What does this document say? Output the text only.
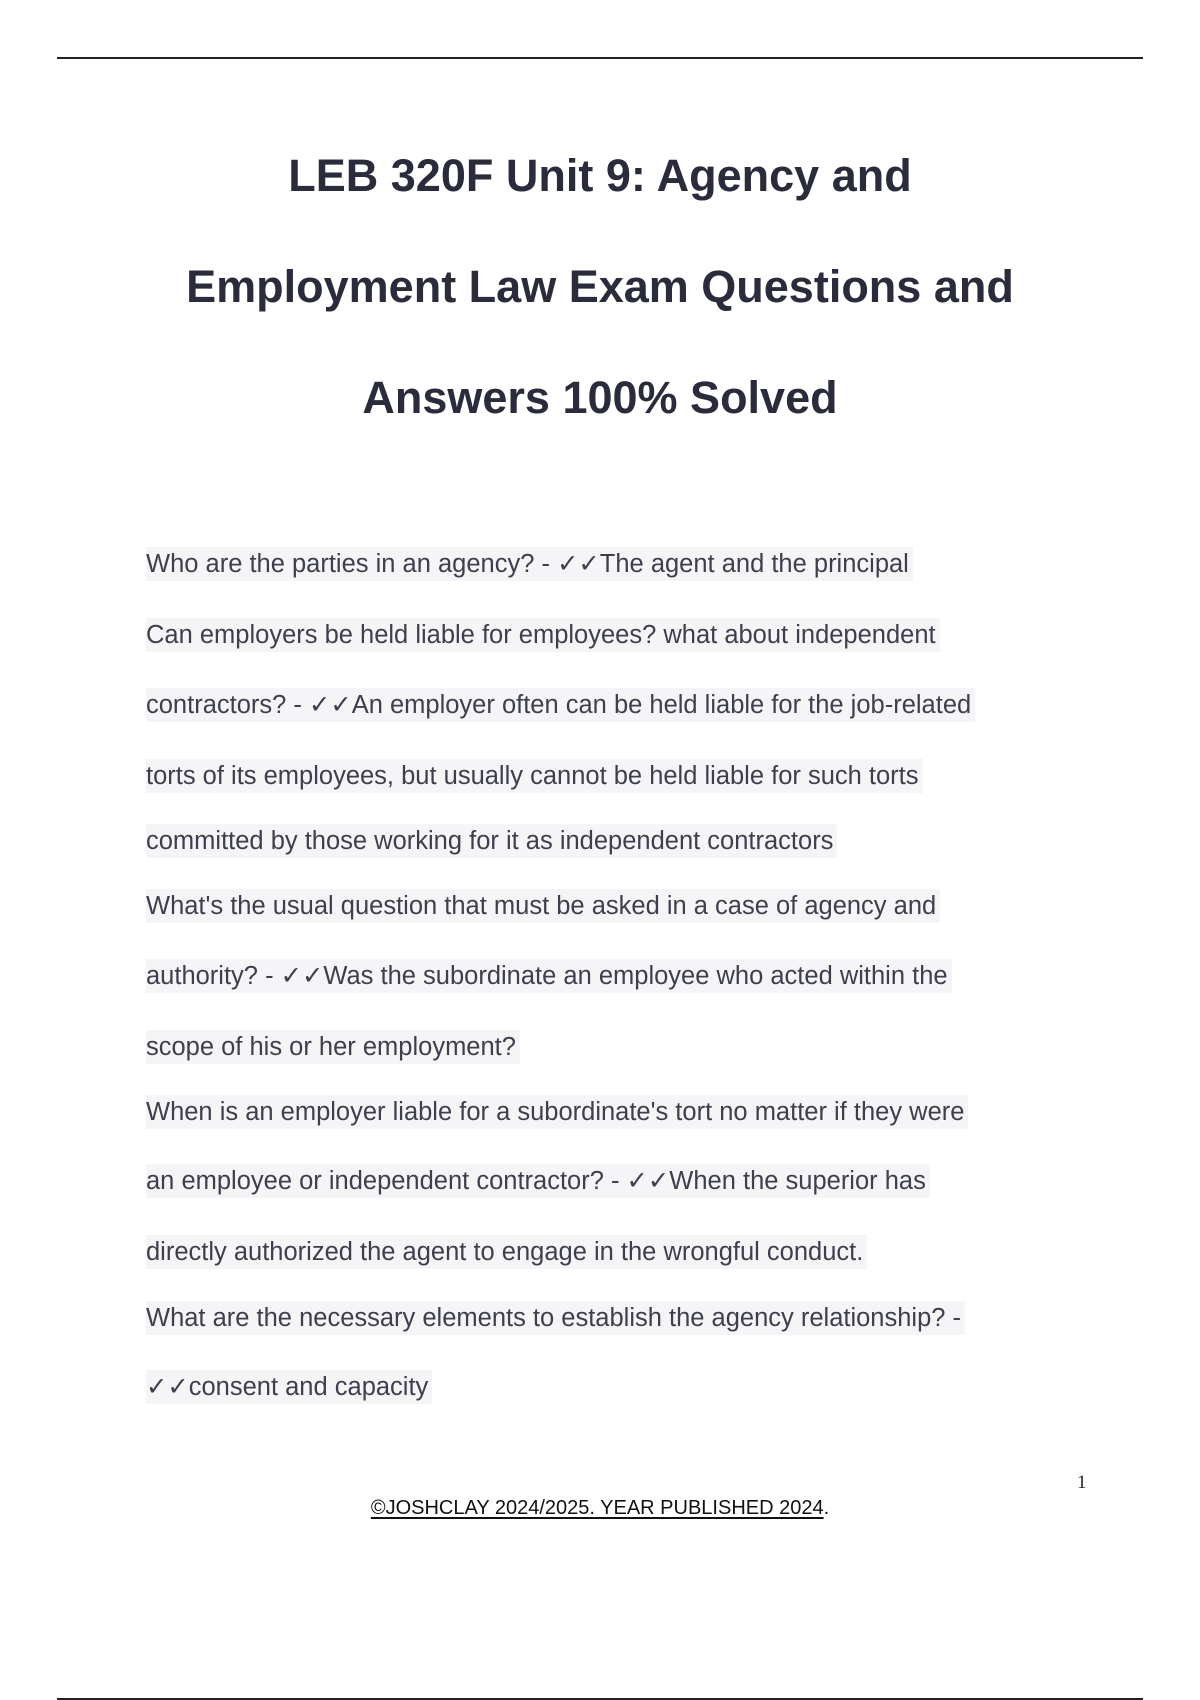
LEB 320F Unit 9: Agency and
Employment Law Exam Questions and
Answers 100% Solved
Who are the parties in an agency? - ✓✓The agent and the principal
Can employers be held liable for employees? what about independent
contractors? - ✓✓An employer often can be held liable for the job-related
torts of its employees, but usually cannot be held liable for such torts
committed by those working for it as independent contractors
What's the usual question that must be asked in a case of agency and
authority? - ✓✓Was the subordinate an employee who acted within the
scope of his or her employment?
When is an employer liable for a subordinate's tort no matter if they were
an employee or independent contractor? - ✓✓When the superior has
directly authorized the agent to engage in the wrongful conduct.
What are the necessary elements to establish the agency relationship? -
✓✓consent and capacity
1
©JOSHCLAY 2024/2025. YEAR PUBLISHED 2024.
